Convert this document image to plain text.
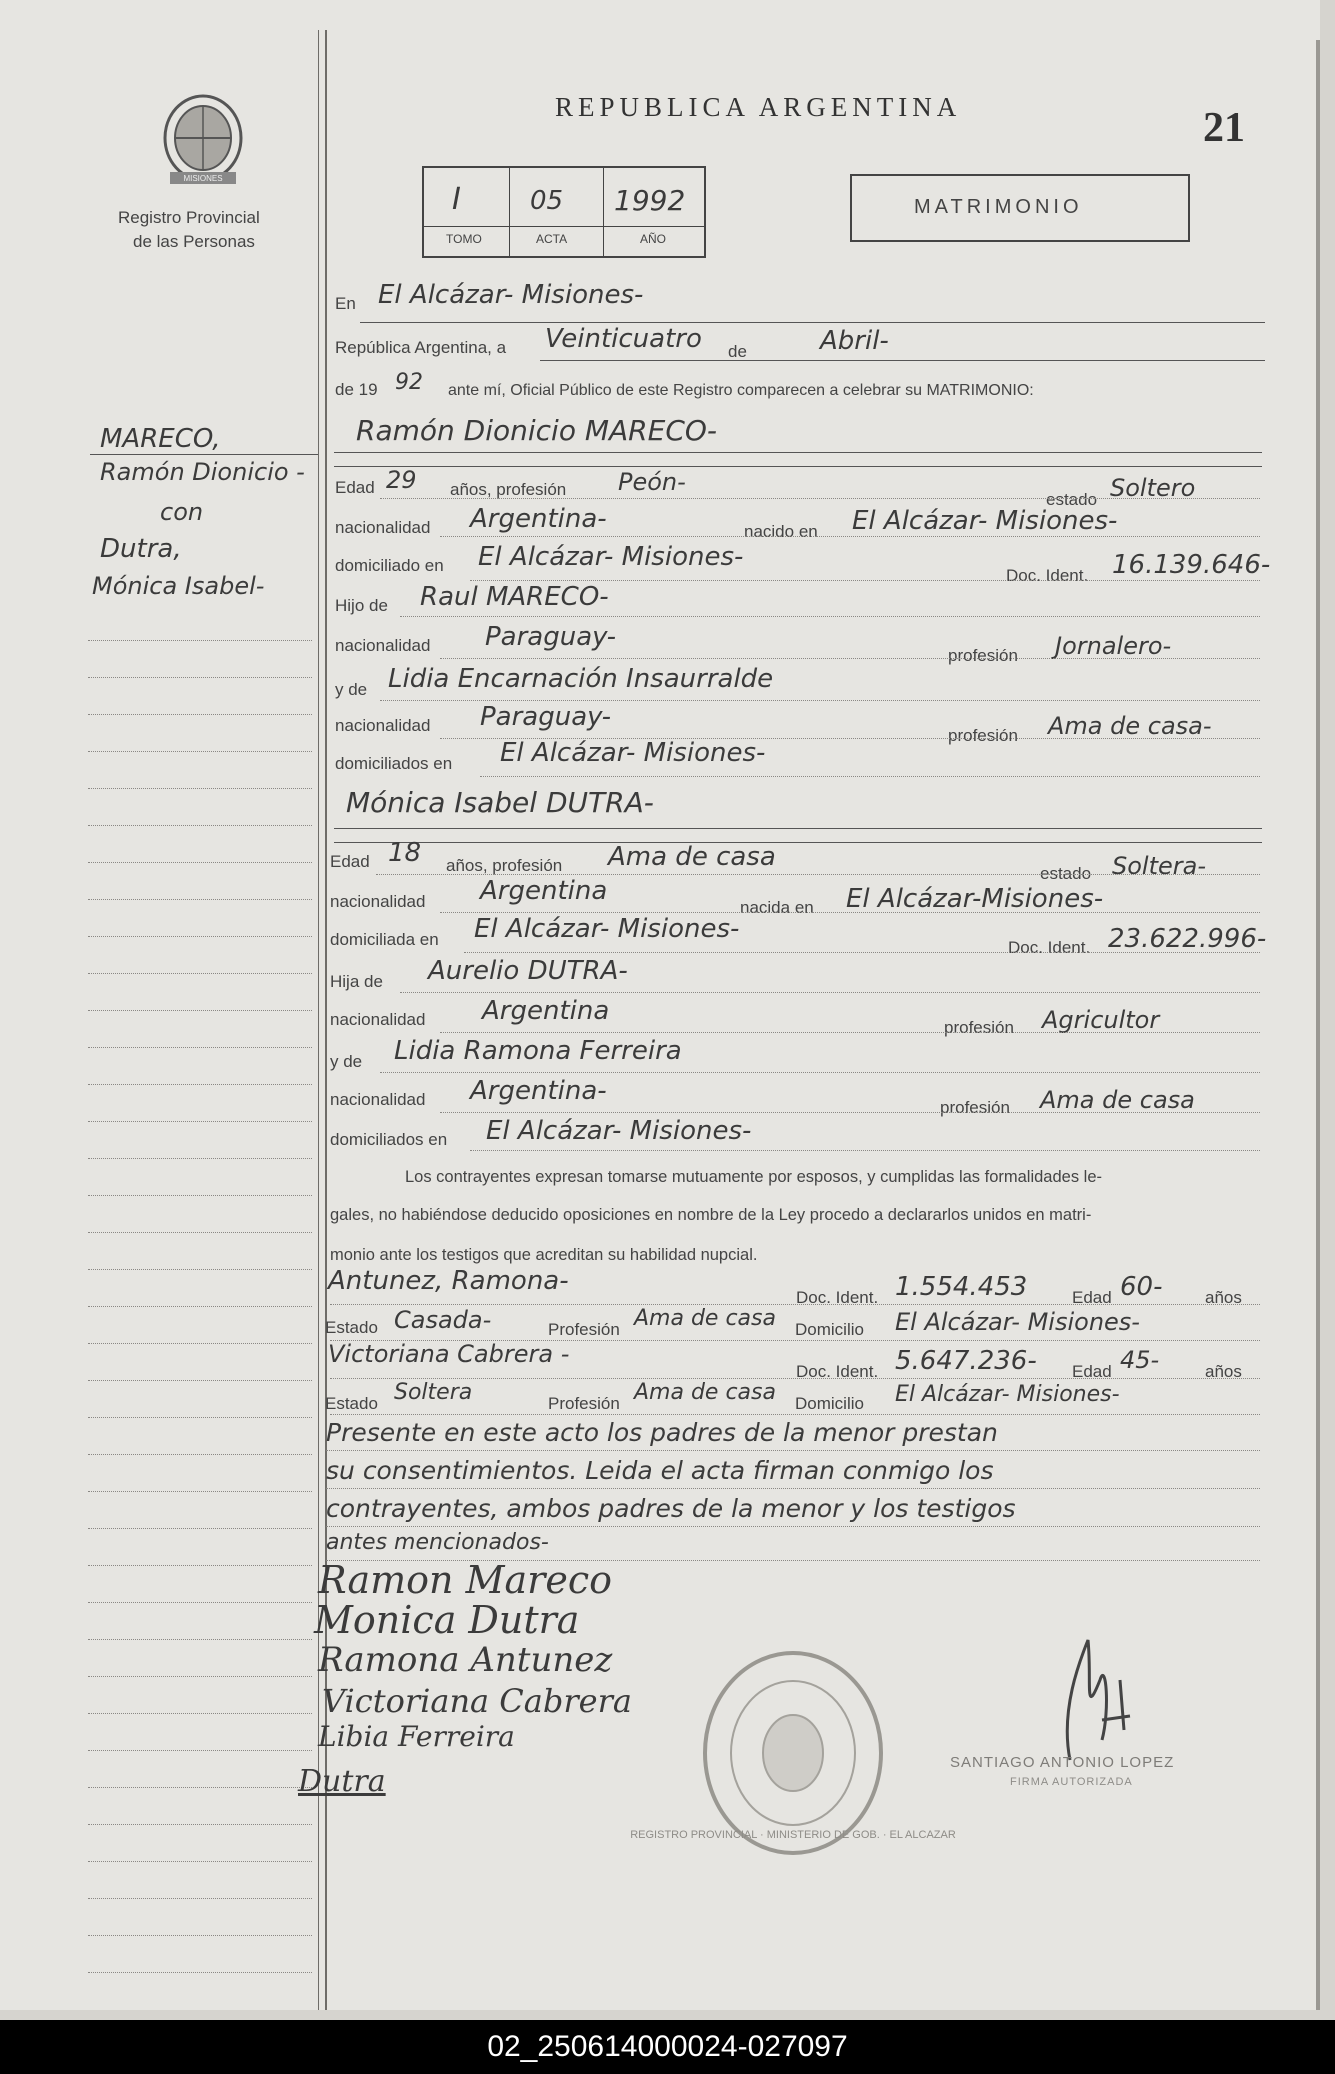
MISIONES
Registro Provincial
de las Personas
REPUBLICA ARGENTINA	21
I	05 1992
TOMO	ACTA	AÑO
MATRIMONIO
MARECO,
Ramón Dionicio -
con
Dutra,
Mónica Isabel-
En El Alcázar- Misiones-
República Argentina, a Veinticuatro de	Abril-
de 19 92 ante mí, Oficial Público de este Registro comparecen a celebrar su MATRIMONIO:
Ramón Dionicio MARECO-
Edad 29 años, profesión Peón-
estado Soltero
nacionalidad Argentina-	nacido en El Alcázar- Misiones-
domiciliado en El Alcázar- Misiones-
Doc. Ident. 16.139.646-
Hijo de Raul MARECO-
nacionalidad Paraguay-
profesión Jornalero-
y de Lidia Encarnación Insaurralde
nacionalidad Paraguay-
profesión Ama de casa-
domiciliados en El Alcázar- Misiones-
Mónica Isabel DUTRA-
Edad 18 años, profesión Ama de casa
estado Soltera-
nacionalidad Argentina
nacida en El Alcázar-Misiones-
domiciliada en El Alcázar- Misiones-
Doc. Ident. 23.622.996-
Hija de Aurelio DUTRA-
nacionalidad Argentina
profesión Agricultor
y de Lidia Ramona Ferreira
nacionalidad Argentina-
profesión Ama de casa
domiciliados en El Alcázar- Misiones-
Los contrayentes expresan tomarse mutuamente por esposos, y cumplidas las formalidades le-
gales, no habiéndose deducido oposiciones en nombre de la Ley procedo a declararlos unidos en matri-
monio ante los testigos que acreditan su habilidad nupcial.
Antunez, Ramona-
Doc. Ident. 1.554.453	Edad 60-	años
Estado Casada-	Profesión Ama de casa Domicilio El Alcázar- Misiones-
Victoriana Cabrera -
Doc. Ident. 5.647.236- Edad 45-	años
Estado Soltera	Profesión Ama de casa Domicilio El Alcázar- Misiones-
Presente en este acto los padres de la menor prestan
su consentimientos. Leida el acta firman conmigo los
contrayentes, ambos padres de la menor y los testigos
antes mencionados-
Ramon Mareco
Monica Dutra
Ramona Antunez
Victoriana Cabrera
Libia Ferreira
Dutra
REGISTRO PROVINCIAL · MINISTERIO DE GOB. · EL ALCAZAR
SANTIAGO ANTONIO LOPEZ
FIRMA AUTORIZADA
02_250614000024-027097
